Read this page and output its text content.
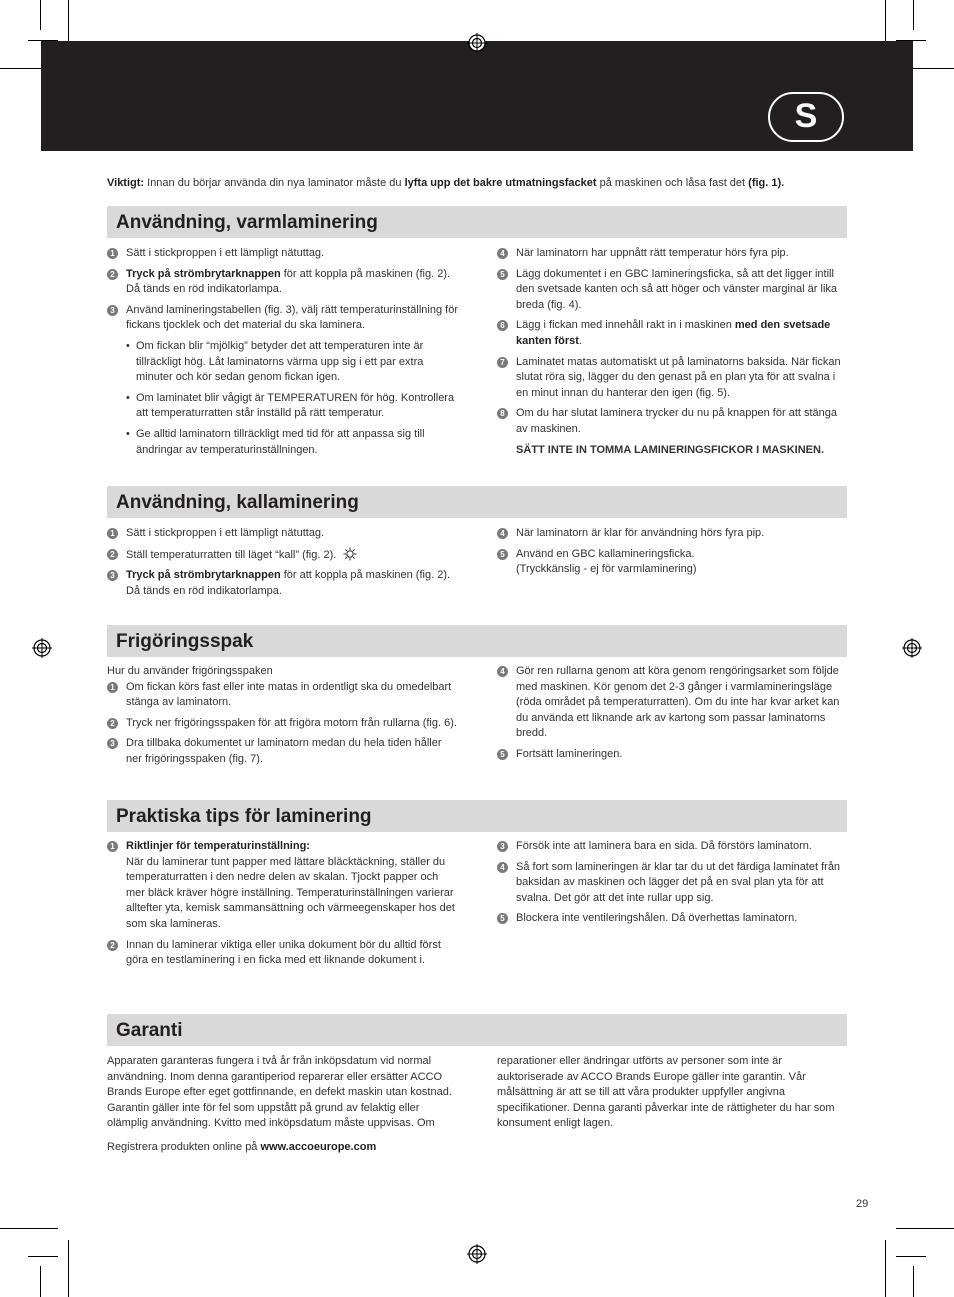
S
Viktigt: Innan du börjar använda din nya laminator måste du lyfta upp det bakre utmatningsfacket på maskinen och låsa fast det (fig. 1).
Användning, varmlaminering
1 Sätt i stickproppen i ett lämpligt nätuttag.
2 Tryck på strömbrytarknappen för att koppla på maskinen (fig. 2). Då tänds en röd indikatorlampa.
3 Använd lamineringstabellen (fig. 3), välj rätt temperaturinställning för fickans tjocklek och det material du ska laminera.
• Om fickan blir “mjölkig” betyder det att temperaturen inte är tillräckligt hög. Låt laminatorns värma upp sig i ett par extra minuter och kör sedan genom fickan igen.
• Om laminatet blir vågigt är TEMPERATUREN för hög. Kontrollera att temperaturratten står inställd på rätt temperatur.
• Ge alltid laminatorn tillräckligt med tid för att anpassa sig till ändringar av temperaturinställningen.
4 När laminatorn har uppnått rätt temperatur hörs fyra pip.
5 Lägg dokumentet i en GBC lamineringsficka, så att det ligger intill den svetsade kanten och så att höger och vänster marginal är lika breda (fig. 4).
6 Lägg i fickan med innehåll rakt in i maskinen med den svetsade kanten först.
7 Laminatet matas automatiskt ut på laminatorns baksida. När fickan slutat röra sig, lägger du den genast på en plan yta för att svalna i en minut innan du hanterar den igen (fig. 5).
8 Om du har slutat laminera trycker du nu på knappen för att stänga av maskinen.
SÄTT INTE IN TOMMA LAMINERINGSFICKOR I MASKINEN.
Användning, kallaminering
1 Sätt i stickproppen i ett lämpligt nätuttag.
2 Ställ temperaturratten till läget “kall” (fig. 2).
3 Tryck på strömbrytarknappen för att koppla på maskinen (fig. 2). Då tänds en röd indikatorlampa.
4 När laminatorn är klar för användning hörs fyra pip.
5 Använd en GBC kallamineringsficka.
(Tryckkänslig - ej för varmlaminering)
Frigöringsspak

Hur du använder frigöringsspaken

1 Om fickan körs fast eller inte matas in ordentligt ska du omedelbart stänga av laminatorn.
2 Tryck ner frigöringsspaken för att frigöra motorn från rullarna (fig. 6).
3 Dra tillbaka dokumentet ur laminatorn medan du hela tiden håller ner frigöringsspaken (fig. 7).
4 Gör ren rullarna genom att köra genom rengöringsarket som följde med maskinen. Kör genom det 2-3 gånger i varmlamineringsläge (röda området på temperaturratten). Om du inte har kvar arket kan du använda ett liknande ark av kartong som passar laminatorns bredd.
5 Fortsätt lamineringen.
Praktiska tips för laminering
1 Riktlinjer för temperaturinställning:
När du laminerar tunt papper med lättare bläcktäckning, ställer du temperaturratten i den nedre delen av skalan. Tjockt papper och mer bläck kräver högre inställning. Temperaturinställningen varierar alltefter yta, kemisk sammansättning och värmeegenskaper hos det som ska lamineras.
2 Innan du laminerar viktiga eller unika dokument bör du alltid först göra en testlaminering i en ficka med ett liknande dokument i.
3 Försök inte att laminera bara en sida. Då förstörs laminatorn.
4 Så fort som lamineringen är klar tar du ut det färdiga laminatet från baksidan av maskinen och lägger det på en sval plan yta för att svalna. Det gör att det inte rullar upp sig.
5 Blockera inte ventileringshålen. Då överhettas laminatorn.
Garanti

Apparaten garanteras fungera i två år från inköpsdatum vid normal användning. Inom denna garantiperiod reparerar eller ersätter ACCO Brands Europe efter eget gottfinnande, en defekt maskin utan kostnad. Garantin gäller inte för fel som uppstått på grund av felaktig eller olämplig användning. Kvitto med inköpsdatum måste uppvisas. Om

Registrera produkten online på www.accoeurope.com

reparationer eller ändringar utförts av personer som inte är auktoriserade av ACCO Brands Europe gäller inte garantin. Vår målsättning är att se till att våra produkter uppfyller angivna specifikationer. Denna garanti påverkar inte de rättigheter du har som konsument enligt lagen.

29
